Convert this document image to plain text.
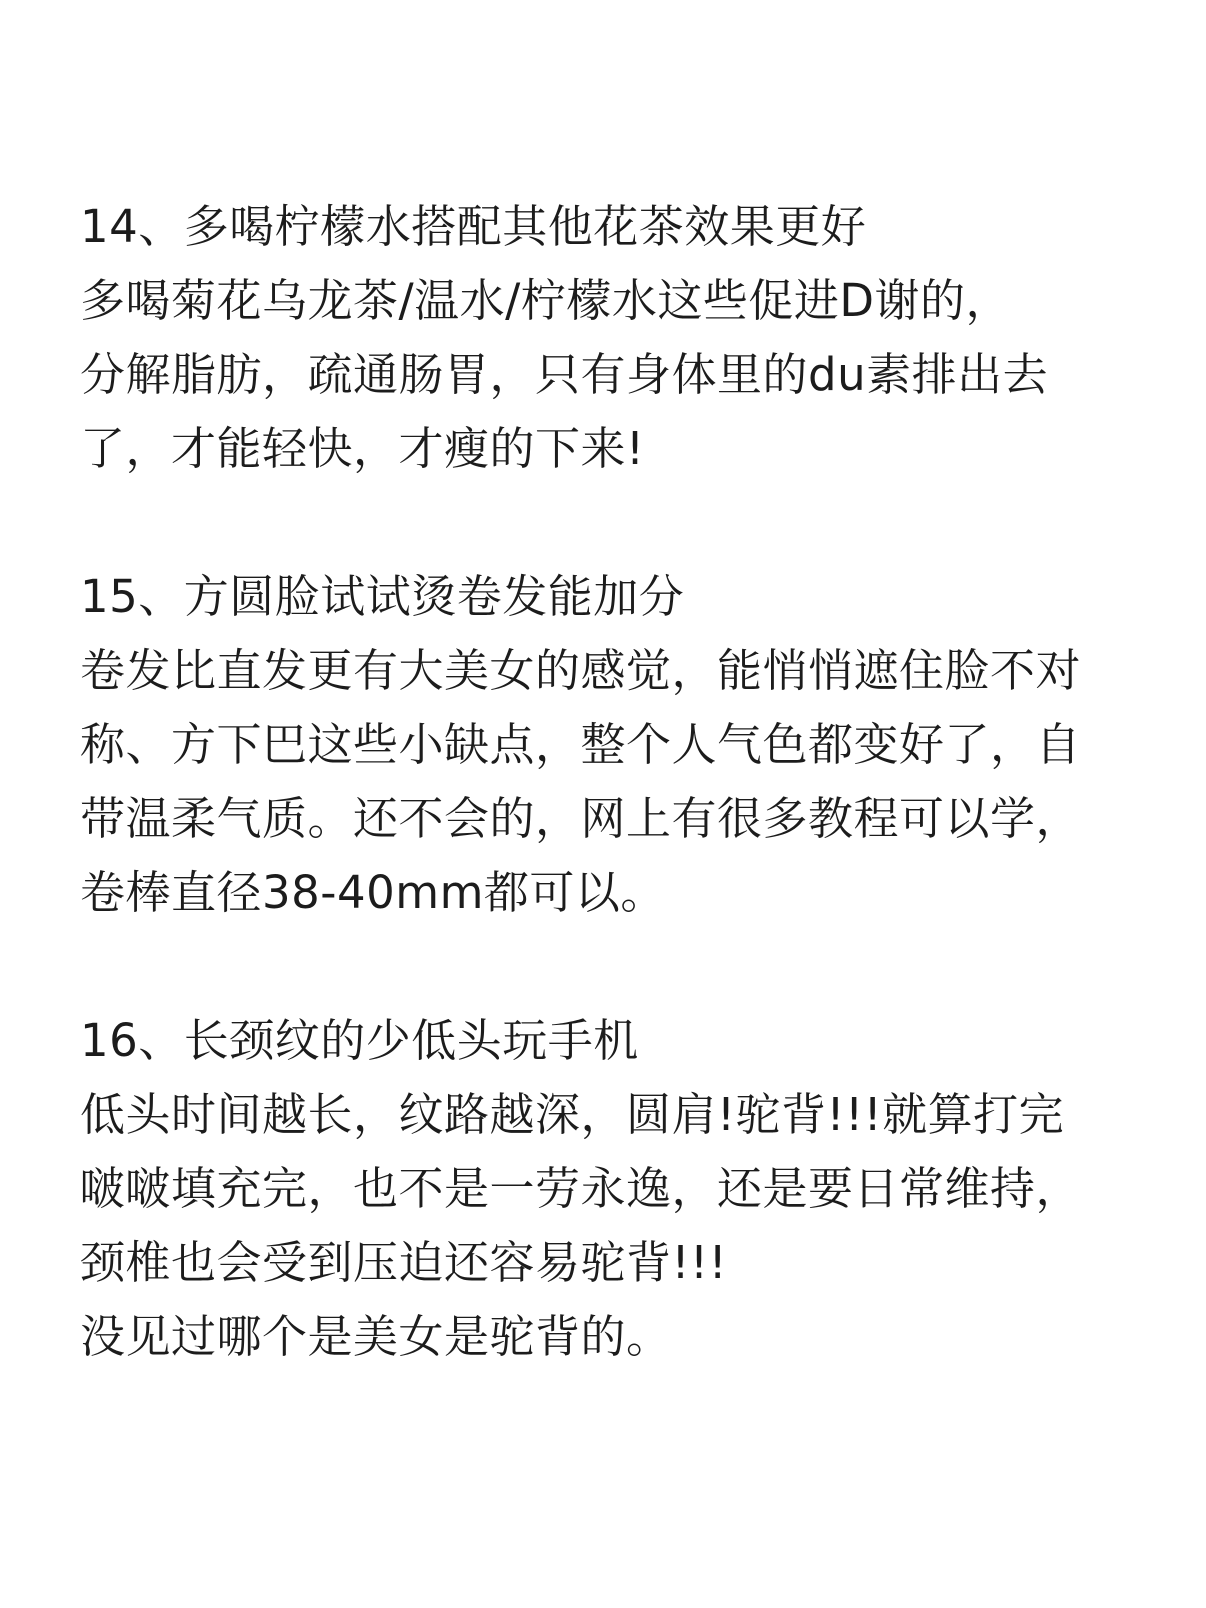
14、多喝柠檬水搭配其他花茶效果更好
多喝菊花乌龙茶/温水/柠檬水这些促进D谢的，
分解脂肪，疏通肠胃，只有身体里的du素排出去
了，才能轻快，才瘦的下来!
15、方圆脸试试烫卷发能加分
卷发比直发更有大美女的感觉，能悄悄遮住脸不对
称、方下巴这些小缺点，整个人气色都变好了，自
带温柔气质。还不会的，网上有很多教程可以学，
卷棒直径38-40mm都可以。
16、长颈纹的少低头玩手机
低头时间越长，纹路越深，圆肩!驼背!!!就算打完
啵啵填充完，也不是一劳永逸，还是要日常维持，
颈椎也会受到压迫还容易驼背!!!
没见过哪个是美女是驼背的。
